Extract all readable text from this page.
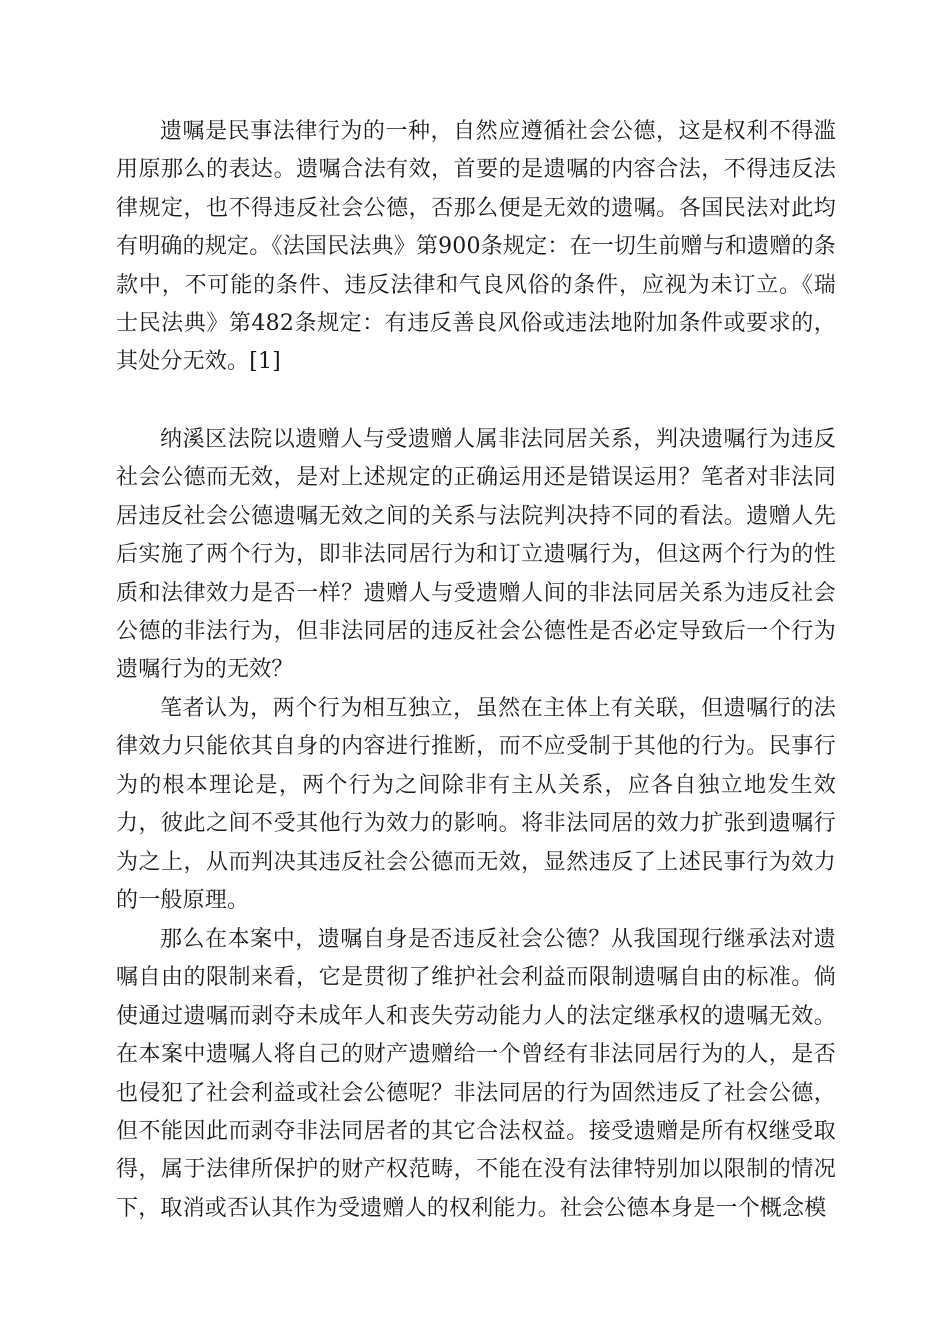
遗嘱是民事法律行为的一种，自然应遵循社会公德，这是权利不得滥用原那么的表达。遗嘱合法有效，首要的是遗嘱的内容合法，不得违反法律规定，也不得违反社会公德，否那么便是无效的遗嘱。各国民法对此均有明确的规定。《法国民法典》第900条规定：在一切生前赠与和遗赠的条款中，不可能的条件、违反法律和气良风俗的条件，应视为未订立。《瑞士民法典》第482条规定：有违反善良风俗或违法地附加条件或要求的，其处分无效。[1]

纳溪区法院以遗赠人与受遗赠人属非法同居关系，判决遗嘱行为违反社会公德而无效，是对上述规定的正确运用还是错误运用？笔者对非法同居违反社会公德遗嘱无效之间的关系与法院判决持不同的看法。遗赠人先后实施了两个行为，即非法同居行为和订立遗嘱行为，但这两个行为的性质和法律效力是否一样？遗赠人与受遗赠人间的非法同居关系为违反社会公德的非法行为，但非法同居的违反社会公德性是否必定导致后一个行为遗嘱行为的无效？

笔者认为，两个行为相互独立，虽然在主体上有关联，但遗嘱行的法律效力只能依其自身的内容进行推断，而不应受制于其他的行为。民事行为的根本理论是，两个行为之间除非有主从关系，应各自独立地发生效力，彼此之间不受其他行为效力的影响。将非法同居的效力扩张到遗嘱行为之上，从而判决其违反社会公德而无效，显然违反了上述民事行为效力的一般原理。

那么在本案中，遗嘱自身是否违反社会公德？从我国现行继承法对遗嘱自由的限制来看，它是贯彻了维护社会利益而限制遗嘱自由的标准。倘使通过遗嘱而剥夺未成年人和丧失劳动能力人的法定继承权的遗嘱无效。在本案中遗嘱人将自己的财产遗赠给一个曾经有非法同居行为的人，是否也侵犯了社会利益或社会公德呢？非法同居的行为固然违反了社会公德，但不能因此而剥夺非法同居者的其它合法权益。接受遗赠是所有权继受取得，属于法律所保护的财产权范畴，不能在没有法律特别加以限制的情况下，取消或否认其作为受遗赠人的权利能力。社会公德本身是一个概念模
